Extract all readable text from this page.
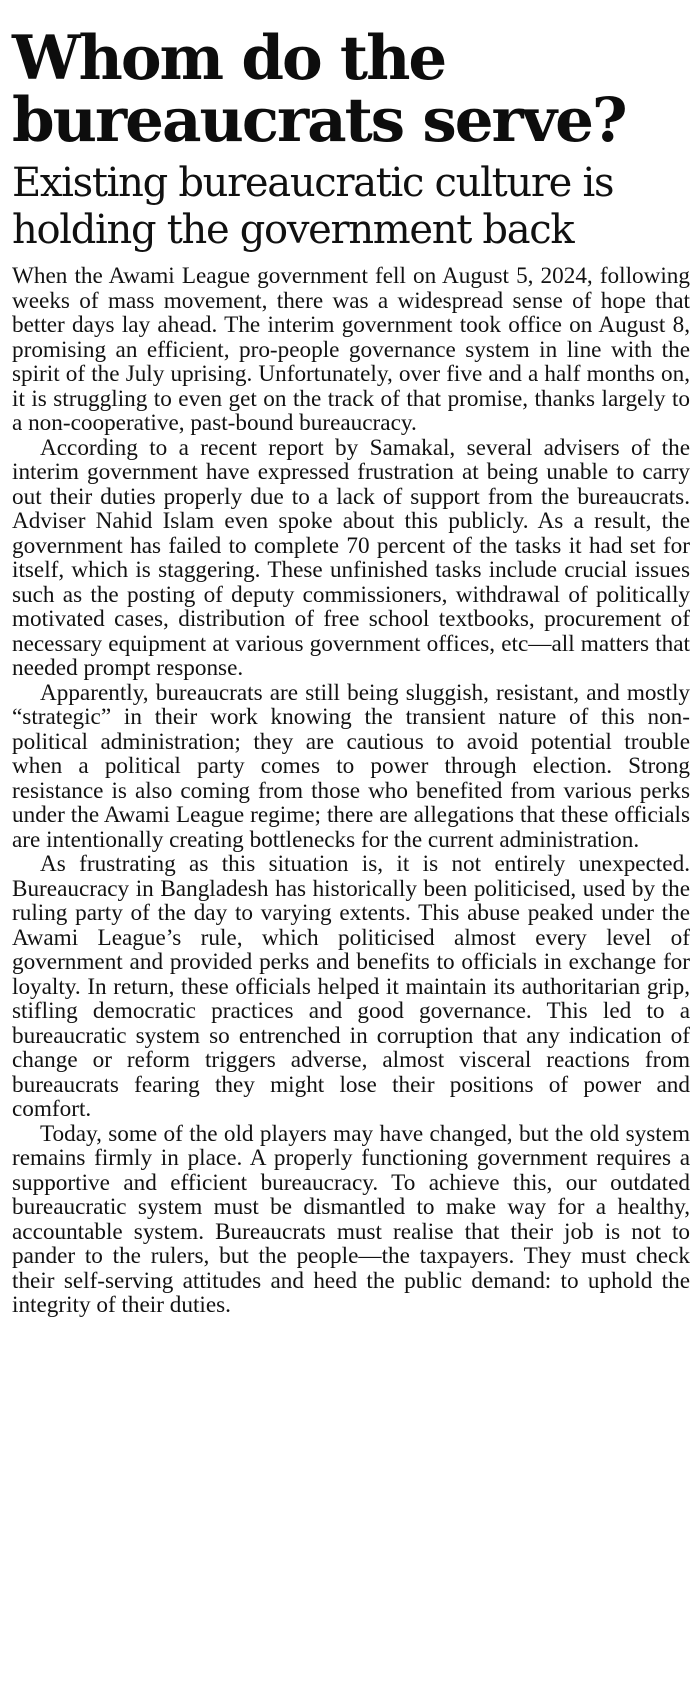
Whom do the bureaucrats serve?
Existing bureaucratic culture is holding the government back

When the Awami League government fell on August 5, 2024, following weeks of mass movement, there was a widespread sense of hope that better days lay ahead. The interim government took office on August 8, promising an efficient, pro-people governance system in line with the spirit of the July uprising. Unfortunately, over five and a half months on, it is struggling to even get on the track of that promise, thanks largely to a non-cooperative, past-bound bureaucracy.

According to a recent report by Samakal, several advisers of the interim government have expressed frustration at being unable to carry out their duties properly due to a lack of support from the bureaucrats. Adviser Nahid Islam even spoke about this publicly. As a result, the government has failed to complete 70 percent of the tasks it had set for itself, which is staggering. These unfinished tasks include crucial issues such as the posting of deputy commissioners, withdrawal of politically motivated cases, distribution of free school textbooks, procurement of necessary equipment at various government offices, etc—all matters that needed prompt response.

Apparently, bureaucrats are still being sluggish, resistant, and mostly “strategic” in their work knowing the transient nature of this non-political administration; they are cautious to avoid potential trouble when a political party comes to power through election. Strong resistance is also coming from those who benefited from various perks under the Awami League regime; there are allegations that these officials are intentionally creating bottlenecks for the current administration.

As frustrating as this situation is, it is not entirely unexpected. Bureaucracy in Bangladesh has historically been politicised, used by the ruling party of the day to varying extents. This abuse peaked under the Awami League’s rule, which politicised almost every level of government and provided perks and benefits to officials in exchange for loyalty. In return, these officials helped it maintain its authoritarian grip, stifling democratic practices and good governance. This led to a bureaucratic system so entrenched in corruption that any indication of change or reform triggers adverse, almost visceral reactions from bureaucrats fearing they might lose their positions of power and comfort.

Today, some of the old players may have changed, but the old system remains firmly in place. A properly functioning government requires a supportive and efficient bureaucracy. To achieve this, our outdated bureaucratic system must be dismantled to make way for a healthy, accountable system. Bureaucrats must realise that their job is not to pander to the rulers, but the people—the taxpayers. They must check their self-serving attitudes and heed the public demand: to uphold the integrity of their duties.
